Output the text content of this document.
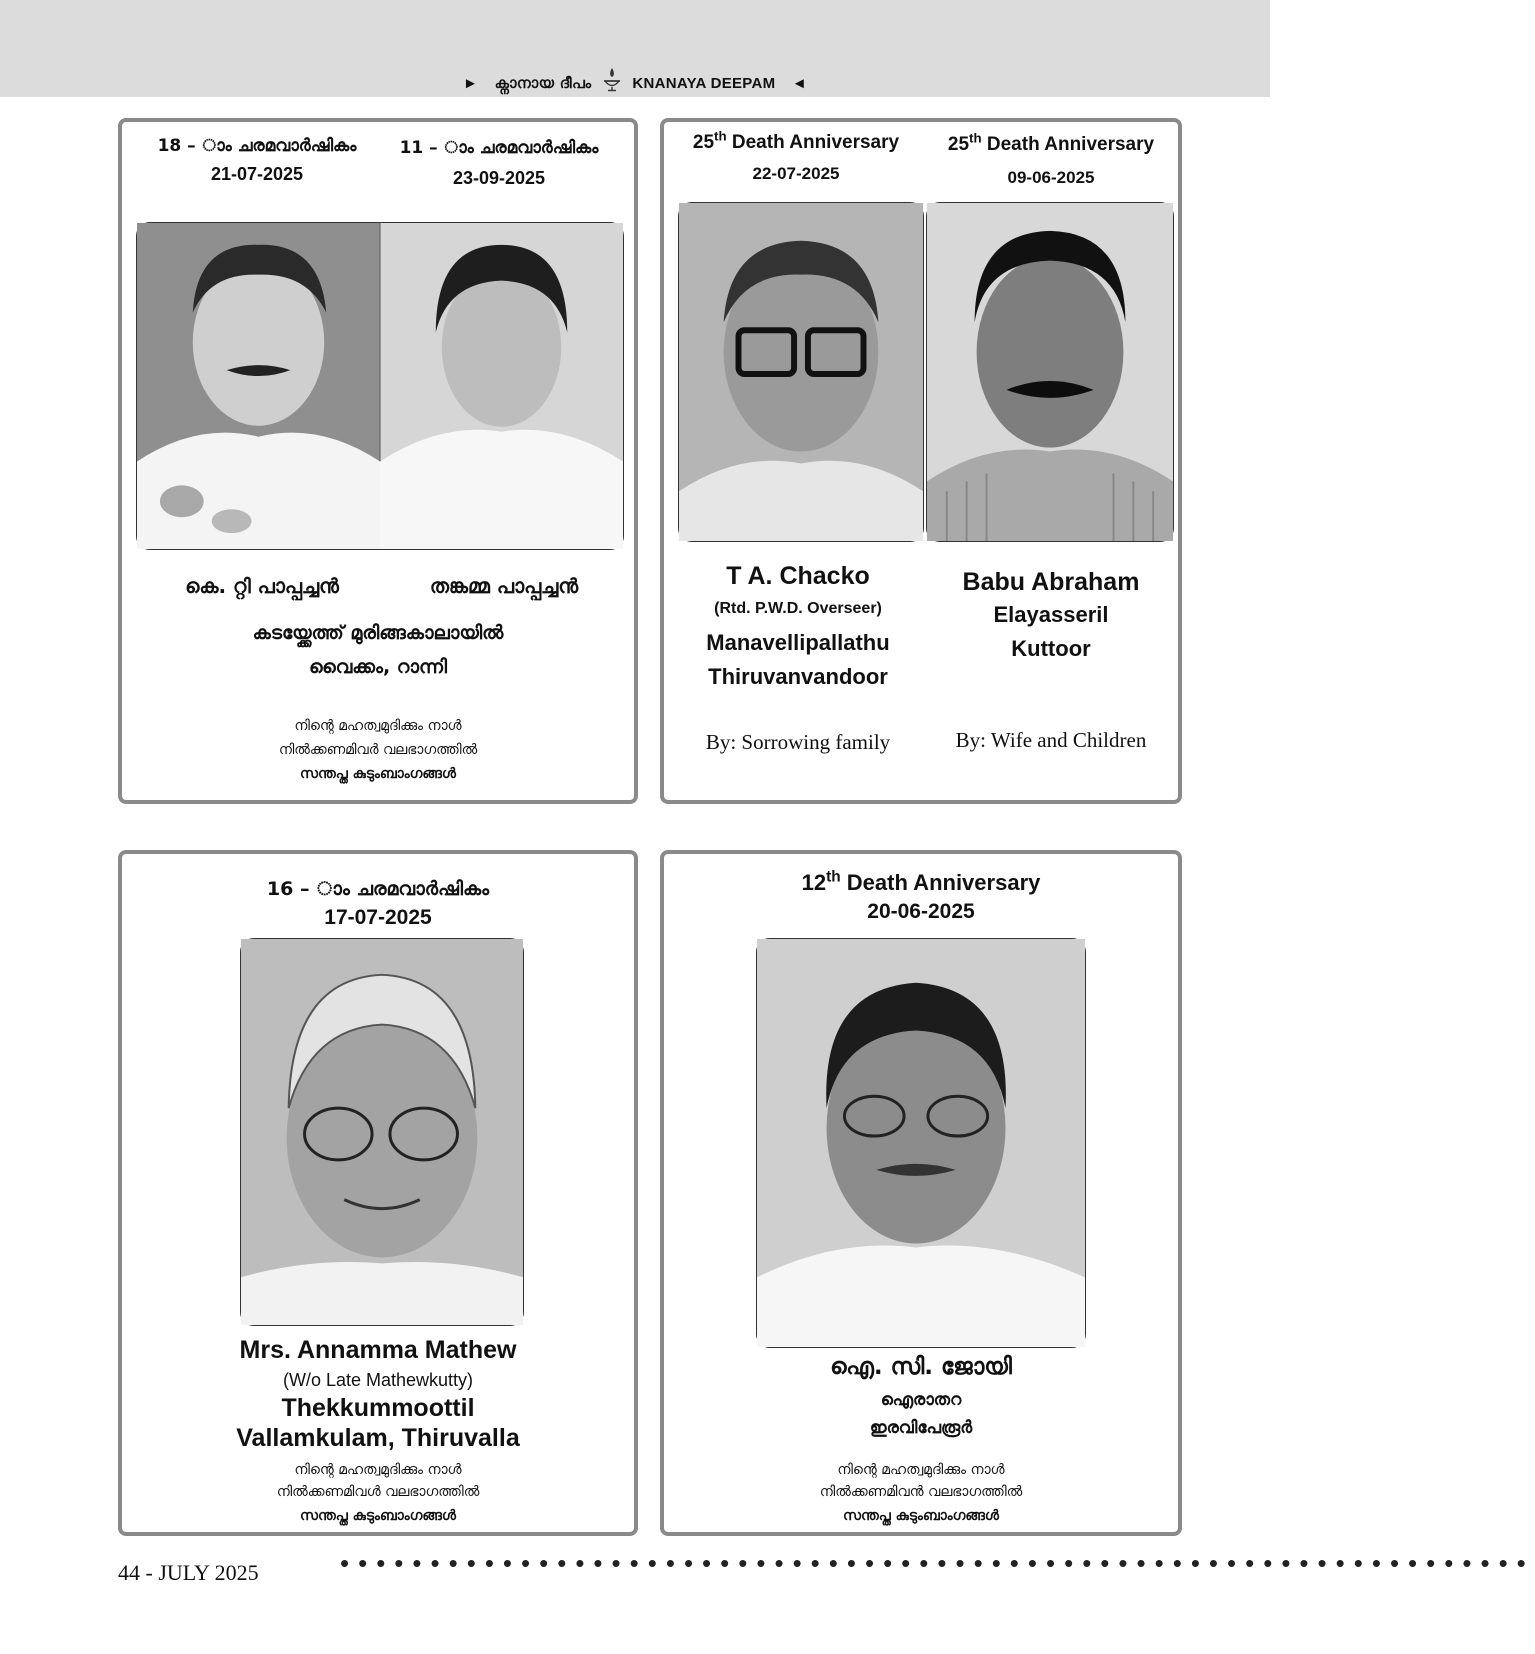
► ക്നാനായ ദീപം	KNANAYA DEEPAM ◄
18 – ാം ചരമവാർഷികം
21-07-2025
11 – ാം ചരമവാർഷികം
23-09-2025
കെ. റ്റി പാപ്പച്ചൻ	തങ്കമ്മ പാപ്പച്ചൻ
കടയ്ക്കേത്ത് മുരിങ്ങകാലായിൽ
വൈക്കം, റാന്നി
നിന്റെ മഹത്വമുദിക്കും നാൾ
നിൽക്കണമിവർ വലഭാഗത്തിൽ
സന്തപ്ത കുടുംബാംഗങ്ങൾ
25th Death Anniversary
22-07-2025
25th Death Anniversary
09-06-2025
T A. Chacko
(Rtd. P.W.D. Overseer)
Manavellipallathu
Thiruvanvandoor
By: Sorrowing family
Babu Abraham
Elayasseril
Kuttoor
By: Wife and Children
16 – ാം ചരമവാർഷികം
17-07-2025
Mrs. Annamma Mathew
(W/o Late Mathewkutty)
Thekkummoottil
Vallamkulam, Thiruvalla
നിന്റെ മഹത്വമുദിക്കും നാൾ
നിൽക്കണമിവൾ വലഭാഗത്തിൽ
സന്തപ്ത കുടുംബാംഗങ്ങൾ
12th Death Anniversary
20-06-2025
ഐ. സി. ജോയി
ഐരാതറ
ഇരവിപേരൂർ
നിന്റെ മഹത്വമുദിക്കും നാൾ
നിൽക്കണമിവൻ വലഭാഗത്തിൽ
സന്തപ്ത കുടുംബാംഗങ്ങൾ
44 - JULY 2025	••••••••••••••••••••••••••••••••••••••••••••••••••••••••••••••••••
